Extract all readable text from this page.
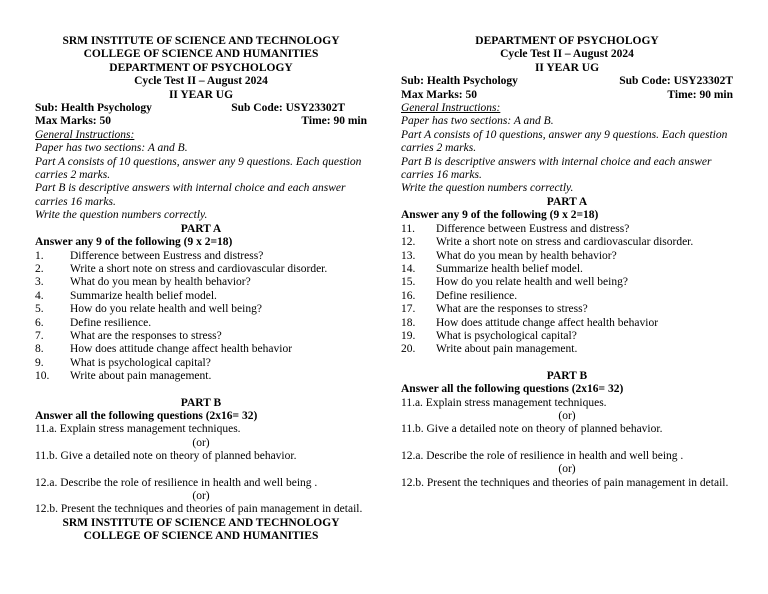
SRM INSTITUTE OF SCIENCE AND TECHNOLOGY
COLLEGE OF SCIENCE AND HUMANITIES
DEPARTMENT OF PSYCHOLOGY
Cycle Test II – August 2024
II YEAR UG
Sub: Health Psychology	Sub Code: USY23302T
Max Marks: 50	Time: 90 min
General Instructions:
Paper has two sections: A and B.
Part A consists of 10 questions, answer any 9 questions. Each question carries 2 marks.
Part B is descriptive answers with internal choice and each answer carries 16 marks.
Write the question numbers correctly.
PART A
Answer any 9 of the following (9 x 2=18)
1.	Difference between Eustress and distress?
2.	Write a short note on stress and cardiovascular disorder.
3.	What do you mean by health behavior?
4.	Summarize health belief model.
5.	How do you relate health and well being?
6.	Define resilience.
7.	What are the responses to stress?
8.	How does attitude change affect health behavior
9.	What is psychological capital?
10.	Write about pain management.
PART B
Answer all the following questions (2x16= 32)
11.a. Explain stress management techniques.
(or)
11.b. Give a detailed note on theory of planned behavior.
12.a. Describe the role of resilience in health and well being .
(or)
12.b. Present the techniques and theories of pain management in detail.
SRM INSTITUTE OF SCIENCE AND TECHNOLOGY
COLLEGE OF SCIENCE AND HUMANITIES
DEPARTMENT OF PSYCHOLOGY
Cycle Test II – August 2024
II YEAR UG
Sub: Health Psychology	Sub Code: USY23302T
Max Marks: 50	Time: 90 min
General Instructions:
Paper has two sections: A and B.
Part A consists of 10 questions, answer any 9 questions. Each question carries 2 marks.
Part B is descriptive answers with internal choice and each answer carries 16 marks.
Write the question numbers correctly.
PART A
Answer any 9 of the following (9 x 2=18)
11.	Difference between Eustress and distress?
12.	Write a short note on stress and cardiovascular disorder.
13.	What do you mean by health behavior?
14.	Summarize health belief model.
15.	How do you relate health and well being?
16.	Define resilience.
17.	What are the responses to stress?
18.	How does attitude change affect health behavior
19.	What is psychological capital?
20.	Write about pain management.
PART B
Answer all the following questions (2x16= 32)
11.a. Explain stress management techniques.
(or)
11.b. Give a detailed note on theory of planned behavior.
12.a. Describe the role of resilience in health and well being .
(or)
12.b. Present the techniques and theories of pain management in detail.
